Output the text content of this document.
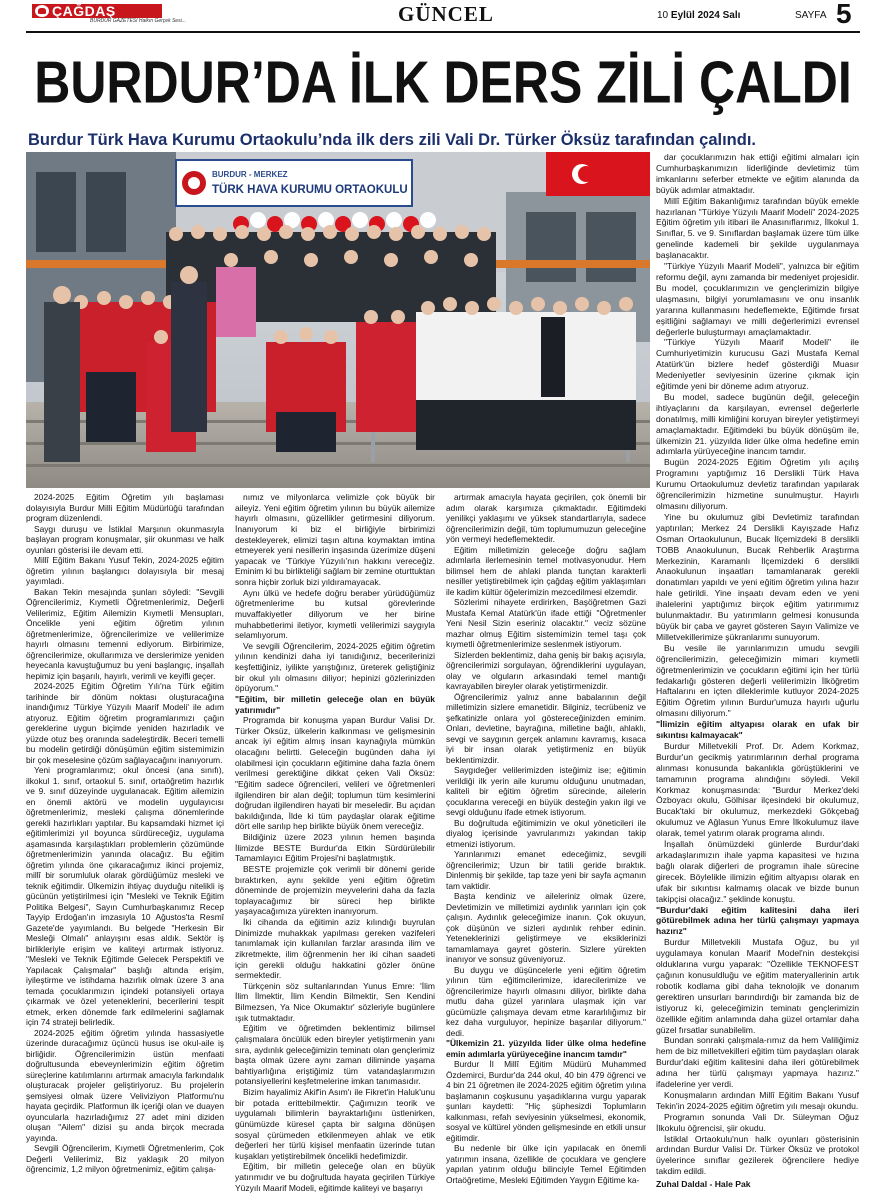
ÇAĞDAŞ
BURDUR GAZETESİ Halkın Gerçek Sesi...	GÜNCEL	10 Eylül 2024 Salı	SAYFA 5
BURDUR’DA İLK DERS ZİLİ ÇALDI
Burdur Türk Hava Kurumu Ortaokulu’nda ilk ders zili Vali Dr. Türker Öksüz tarafından çalındı.
BURDUR - MERKEZ
TÜRK HAVA KURUMU ORTAOKULU

2024-2025 Eğitim Öğretim yılı başlaması dolayısıyla Burdur Milli Eğitim Müdürlüğü tarafından program düzenlendi.

Saygı duruşu ve İstiklal Marşının okunmasıyla başlayan program konuşmalar, şiir okunması ve halk oyunları gösterisi ile devam etti.

Millî Eğitim Bakanı Yusuf Tekin, 2024-2025 eğitim öğretim yılının başlangıcı dolayısıyla bir mesaj yayımladı.

Bakan Tekin mesajında şunları söyledi: "Sevgili Öğrencilerimiz, Kıymetli Öğretmenlerimiz, Değerli Velilerimiz, Eğitim Ailemizin Kıymetli Mensupları, Öncelikle yeni eğitim öğretim yılının öğretmenlerimize, öğrencilerimize ve velilerimize hayırlı olmasını temenni ediyorum. Birbirimize, öğrencilerimize, okullarımıza ve derslerimize yeniden heyecanla kavuştuğumuz bu yeni başlangıç, inşallah hepimiz için başarılı, hayırlı, verimli ve keyifli geçer.

2024-2025 Eğitim Öğretim Yılı'na Türk eğitim tarihinde bir dönüm noktası oluşturacağına inandığımız 'Türkiye Yüzyılı Maarif Modeli' ile adım atıyoruz. Eğitim öğretim programlarımızı çağın gereklerine uygun biçimde yeniden hazırladık ve yüzde otuz beş oranında sadeleştirdik. Beceri temelli bu modelin getirdiği dönüşümün eğitim sistemimizin bir çok meselesine çözüm sağlayacağını inanıyorum.

Yeni programlarımız; okul öncesi (ana sınıfı), ilkokul 1. sınıf, ortaokul 5. sınıf, ortaöğretim hazırlık ve 9. sınıf düzeyinde uygulanacak. Eğitim ailemizin en önemli aktörü ve modelin uygulayıcısı öğretmenlerimiz, mesleki çalışma dönemlerinde gerekli hazırlıkları yaptılar. Bu kapsamdaki hizmet içi eğitimlerimizi yıl boyunca sürdüreceğiz, uygulama aşamasında karşılaştıkları problemlerin çözümünde öğretmenlerimizin yanında olacağız. Bu eğitim öğretim yılında öne çıkaracağımız ikinci projemiz, millî bir sorumluluk olarak gördüğümüz mesleki ve teknik eğitimdir. Ülkemizin ihtiyaç duyduğu nitelikli iş gücünün yetiştirilmesi için "Mesleki ve Teknik Eğitim Politika Belgesi", Sayın Cumhurbaşkanımız Recep Tayyip Erdoğan'ın imzasıyla 10 Ağustos'ta Resmî Gazete'de yayımlandı. Bu belgede "Herkesin Bir Mesleği Olmalı" anlayışını esas aldık. Sektör iş birlikleriyle erişim ve kaliteyi artırmak istiyoruz. "Mesleki ve Teknik Eğitimde Gelecek Perspektifi ve Yapılacak Çalışmalar" başlığı altında erişim, iyileştirme ve istihdama hazırlık olmak üzere 3 ana temada çocuklarımızın içindeki potansiyeli ortaya çıkarmak ve özel yeteneklerini, becerilerini tespit etmek, erken dönemde fark edilmelerini sağlamak için 74 strateji belirledik.

2024-2025 eğitim öğretim yılında hassasiyetle üzerinde duracağımız üçüncü husus ise okul-aile iş birliğidir. Öğrencilerimizin üstün menfaati doğrultusunda ebeveynlerimizin eğitim öğretim süreçlerine katılımlarını artırmak amacıyla farkındalık oluşturacak projeler geliştiriyoruz. Bu projelerin şemsiyesi olmak üzere Veliviziyon Platformu'nu hayata geçirdik. Platformun ilk içeriği olan ve duayen oyuncularla hazırladığımız 27 adet mini diziden oluşan "Ailem" dizisi şu anda birçok mecrada yayında.

Sevgili Öğrencilerim, Kıymetli Öğretmenlerim, Çok Değerli Velilerimiz, Biz yaklaşık 20 milyon öğrencimiz, 1,2 milyon öğretmenimiz, eğitim çalışa-

nımız ve milyonlarca velimizle çok büyük bir aileyiz. Yeni eğitim öğretim yılının bu büyük ailemize hayırlı olmasını, güzellikler getirmesini diliyorum. İnanıyorum ki biz el birliğiyle birbirimizi destekleyerek, elimizi taşın altına koymaktan imtina etmeyerek yeni nesillerin inşasında üzerimize düşeni yapacak ve ‘Türkiye Yüzyılı’nın hakkını vereceğiz. Eminim ki bu birlikteliği sağlam bir zemine oturttuktan sonra hiçbir zorluk bizi yıldıramayacak.

Aynı ülkü ve hedefe doğru beraber yürüdüğümüz öğretmenlerime bu kutsal görevlerinde muvaffakiyetler diliyorum ve her birine muhabbetlerimi iletiyor, kıymetli velilerimizi saygıyla selamlıyorum.

Ve sevgili Öğrencilerim, 2024-2025 eğitim öğretim yılının kendinizi daha iyi tanıdığınız, becerilerinizi keşfettiğiniz, iyilikte yarıştığınız, üreterek geliştiğiniz bir okul yılı olmasını diliyor; hepinizi gözlerinizden öpüyorum."

"Eğitim, bir milletin geleceğe olan en büyük yatırımıdır"

Programda bir konuşma yapan Burdur Valisi Dr. Türker Öksüz, ülkelerin kalkınması ve gelişmesinin ancak iyi eğitim almış insan kaynağıyla mümkün olacağını belirtti. Geleceğin bugünden daha iyi olabilmesi için çocukların eğitimine daha fazla önem verilmesi gerektiğine dikkat çeken Vali Öksüz: "Eğitim sadece öğrencileri, velileri ve öğretmenleri ilgilendiren bir alan değil; toplumun tüm kesimlerini doğrudan ilgilendiren hayati bir meseledir. Bu açıdan bakıldığında, İlde ki tüm paydaşlar olarak eğitime dört elle sarılıp hep birlikte büyük önem vereceğiz.

Bildiğiniz üzere 2023 yılının hemen başında İlimizde BESTE Burdur'da Etkin Sürdürülebilir Tamamlayıcı Eğitim Projesi'ni başlatmıştık.

BESTE projemizle çok verimli bir dönemi geride bıraktırken, aynı şekilde yeni eğitim öğretim döneminde de projemizin meyvelerini daha da fazla toplayacağımız bir süreci hep birlikte yaşayacağımıza yürekten inanıyorum.

İki cihanda da eğitimin aziz kılındığı buyrulan Dinimizde muhakkak yapılması gereken vazifeleri tanımlamak için kullanılan farzlar arasında ilim ve zikretmekte, ilim öğrenmenin her iki cihan saadeti için gerekli olduğu hakkatini gözler önüne sermektedir.

Türkçenin söz sultanlarından Yunus Emre: 'İlim İlim İlmektir, İlim Kendin Bilmektir, Sen Kendini Bilmezsen, Ya Nice Okumaktır' sözleriyle bugünlere ışık tutmaktadır.

Eğitim ve öğretimden beklentimiz bilimsel çalışmalara öncülük eden bireyler yetiştirmenin yanı sıra, aydınlık geleceğimizin teminatı olan gençlerimiz başta olmak üzere aynı zaman diliminde yaşama bahtiyarlığına eriştiğimiz tüm vatandaşlarımızın potansiyellerini keşfetmelerine imkan tanımasıdır.

Bizim hayalimiz Akif'in Asım'ı ile Fikret'in Haluk'unu bir potada erittebilmektir. Çağımızın teorik ve uygulamalı bilimlerin bayraktarlığını üstlenirken, günümüzde küresel çapta bir salgına dönüşen sosyal çürümeden etkilenmeyen ahlak ve etik değerleri her türlü kişisel menfaatin üzerinde tutan kuşakları yetiştirebilmek öncelikli hedefimizdir.

Eğitim, bir milletin geleceğe olan en büyük yatırımıdır ve bu doğrultuda hayata geçirilen Türkiye Yüzyılı Maarif Modeli, eğitimde kaliteyi ve başarıyı

artırmak amacıyla hayata geçirilen, çok önemli bir adım olarak karşımıza çıkmaktadır. Eğitimdeki yenilikçi yaklaşımı ve yüksek standartlarıyla, sadece öğrencilerimizin değil, tüm toplumumuzun geleceğine yön vermeyi hedeflemektedir.

Eğitim milletimizin geleceğe doğru sağlam adımlarla ilerlemesinin temel motivasyonudur. Hem bilimsel hem de ahlaki planda tunçtan karakterli nesiller yetiştirebilmek için çağdaş eğitim yaklaşımları ile kadim kültür öğelerimizin mezcedilmesi elzemdir.

Sözlerimi nihayete erdirirken, Başöğretmen Gazi Mustafa Kemal Atatürk'ün ifade ettiği "Öğretmenler Yeni Nesil Sizin eseriniz olacaktır." veciz sözüne mazhar olmuş Eğitim sistemimizin temel taşı çok kıymetli öğretmenlerimize seslenmek istiyorum.

Sizlerden beklentimiz, daha geniş bir bakış açısıyla, öğrencilerimizi sorgulayan, öğrendiklerini uygulayan, olay ve olguların arkasındaki temel mantığı kavrayabilen bireyler olarak yetiştirmenizdir.

Öğrencilerimiz yalnız anne babalarının değil milletimizin sizlere emanetidir. Bilginiz, tecrübeniz ve şefkatinizle onlara yol göstereceğinizden eminim. Onları, devletine, bayrağına, milletine bağlı, ahlaklı, sevgi ve saygının gerçek anlamını kavramış, kısaca iyi bir insan olarak yetiştirmeniz en büyük beklentimizdir.

Saygıdeğer velilerimizden isteğimiz ise; eğitimin verildiği ilk yerin aile kurumu olduğunu unutmadan, kaliteli bir eğitim öğretim sürecinde, ailelerin çocuklarına vereceği en büyük desteğin yakın ilgi ve sevgi olduğunu ifade etmek istiyorum.

Bu doğrultuda eğitimimizin ve okul yöneticileri ile diyalog içerisinde yavrularımızı yakından takip etmenizi istiyorum.

Yarınlarımızı emanet edeceğimiz, sevgili öğrencilerimiz; Uzun bir tatili geride bıraktık. Dinlenmiş bir şekilde, tap taze yeni bir sayfa açmanın tam vaktidir.

Başta kendiniz ve aileleriniz olmak üzere, Devletimizin ve milletimizi aydınlık yarınları için çok çalışın. Aydınlık geleceğimize inanın. Çok okuyun, çok düşünün ve sizleri aydınlık rehber edinin. Yeteneklerinizi geliştirmeye ve eksiklerinizi tamamlamaya gayret gösterin. Sizlere yürekten inanıyor ve sonsuz güveniyoruz.

Bu duygu ve düşüncelerle yeni eğitim öğretim yılının tüm eğitimcilerimize, idarecilerimize ve öğrencilerimize hayırlı olmasını diliyor, birlikte daha mutlu daha güzel yarınlara ulaşmak için var gücümüzle çalışmaya devam etme kararlılığımız bir kez daha vurguluyor, hepinize başarılar diliyorum." dedi.

"Ülkemizin 21. yüzyılda lider ülke olma hedefine emin adımlarla yürüyeceğine inancım tamdır"

Burdur İl Millî Eğitim Müdürü Muhammed Özdemirci, Burdur'da 244 okul, 40 bin 479 öğrenci ve 4 bin 21 öğretmen ile 2024-2025 eğitim öğretim yılına başlamanın coşkusunu yaşadıklarına vurgu yaparak şunları kaydetti: "Hiç şüphesizdi Toplumların kalkınması, refah seviyesinin yükselmesi, ekonomik, sosyal ve kültürel yönden gelişmesinde en etkili unsur eğitimdir.

Bu nedenle bir ülke için yapılacak en önemli yatırımın insana, özellikle de çocuklara ve gençlere yapılan yatırım olduğu bilinciyle Temel Eğitimden Ortaöğretime, Mesleki Eğitimden Yaygın Eğitime ka-

dar çocuklarımızın hak ettiği eğitimi almaları için Cumhurbaşkanımızın liderliğinde devletimiz tüm imkanlarını seferber etmekte ve eğitim alanında da büyük adımlar atmaktadır.

Millî Eğitim Bakanlığımız tarafından büyük emekle hazırlanan "Türkiye Yüzyılı Maarif Modeli" 2024-2025 Eğitim öğretim yılı itibari ile Anasınıflarımız, İlkokul 1. Sınıflar, 5. ve 9. Sınıflardan başlamak üzere tüm ülke genelinde kademeli bir şekilde uygulanmaya başlanacaktır.

"Türkiye Yüzyılı Maarif Modeli", yalnızca bir eğitim reformu değil, aynı zamanda bir medeniyet projesidir. Bu model, çocuklarımızın ve gençlerimizin bilgiye ulaşmasını, bilgiyi yorumlamasını ve onu insanlık yararına kullanmasını hedeflemekte, Eğitimde fırsat eşitliğini sağlamayı ve milli değerlerimizi evrensel değerlerle buluşturmayı amaçlamaktadır.

"Türkiye Yüzyılı Maarif Modeli" ile Cumhuriyetimizin kurucusu Gazi Mustafa Kemal Atatürk'ün bizlere hedef gösterdiği Muasır Medeniyetler seviyesinin üzerine çıkmak için eğitimde yeni bir döneme adım atıyoruz.

Bu model, sadece bugünün değil, geleceğin ihtiyaçlarını da karşılayan, evrensel değerlerle donatılmış, milli kimliğini koruyan bireyler yetiştirmeyi amaçlamaktadır. Eğitimdeki bu büyük dönüşüm ile, ülkemizin 21. yüzyılda lider ülke olma hedefine emin adımlarla yürüyeceğine inancım tamdır.

Bugün 2024-2025 Eğitim Öğretim yılı açılış Programını yaptığımız 16 Derslikli Türk Hava Kurumu Ortaokulumuz devletiz tarafından yapılarak öğrencilerimizin hizmetine sunulmuştur. Hayırlı olmasını diliyorum.

Yine bu okulumuz gibi Devletimiz tarafından yaptırılan; Merkez 24 Derslikli Kayışzade Hafız Osman Ortaokulunun, Bucak İlçemizdeki 8 derslikli TOBB Anaokulunun, Bucak Rehberlik Araştırma Merkezinin, Karamanlı İlçemizdeki 6 derslikli Anaokulunun inşaatları tamamlanarak gerekli donatımları yapıldı ve yeni eğitim öğretim yılına hazır hale getirildi. Yine inşaatı devam eden ve yeni ihalelerini yaptığımız birçok eğitim yatırımımız bulunmaktadır. Bu yatırımların gelmesi konusunda büyük bir çaba ve gayret gösteren Sayın Valimize ve Milletvekillerimize şükranlarımı sunuyorum.

Bu vesile ile yarınlarımızın umudu sevgili öğrencilerimizin, geleceğimizin mimarı kıymetli öğretmenlerimizin ve çocukların eğitimi için her türlü fedakarlığı gösteren değerli velilerimizin İlköğretim Haftalarını en içten dileklerimle kutluyor 2024-2025 Eğitim Öğretim yılının Burdur'umuza hayırlı uğurlu olmasını diliyorum."

"İlimizin eğitim altyapısı olarak en ufak bir sıkıntısı kalmayacak"

Burdur Milletvekili Prof. Dr. Adem Korkmaz, Burdur'un gecikmiş yatırımlarının derhal programa alınması konusunda bakanlıkla görüştüklerini ve tamamının programa alındığını söyledi. Vekil Korkmaz konuşmasında: "Burdur Merkez'deki Özboyacı okulu, Gölhisar ilçesindeki bir okulumuz, Bucak'taki bir okulumuz, merkezdeki Gökçebağ okulumuz ve Ağlasun Yunus Emre İlkokulumuz ilave olarak, temel yatırım olarak programa alındı.

İnşallah önümüzdeki günlerde Burdur'daki arkadaşlarımızın ihale yapma kapasitesi ve hızına bağlı olarak diğerleri de programın ihale sürecine girecek. Böylelikle ilimizin eğitim altyapısı olarak en ufak bir sıkıntısı kalmamış olacak ve bizde bunun takipçisi olacağız." şeklinde konuştu.

"Burdur'daki eğitim kalitesini daha ileri götürebilmek adına her türlü çalışmayı yapmaya hazırız"

Burdur Milletvekili Mustafa Oğuz, bu yıl uygulamaya konulan Maarif Model'nin destekçisi olduklarına vurgu yaparak: "Özellikle TEKNOFEST çağının konusuldluğu ve eğitim materyallerinin artık robotik kodlama gibi daha teknolojik ve donanım gerektiren unsurları barındırdığı bir zamanda biz de istiyoruz ki, geleceğimizin teminatı gençlerimizin özellikle eğitim anlamında daha güzel ortamlar daha güzel fırsatlar sunabilelim.

Bundan sonraki çalışmala-rımız da hem Valiliğimiz hem de biz milletvekilleri eğitim tüm paydaşları olarak Burdur'daki eğitim kalitesini daha ileri götürebilmek adına her türlü çalışmayı yapmaya hazırız." ifadelerine yer verdi.

Konuşmaların ardından Millî Eğitim Bakanı Yusuf Tekin'in 2024-2025 eğitim öğretim yılı mesajı okundu.

Programın sonunda Vali Dr. Süleyman Oğuz İlkokulu öğrencisi, şiir okudu.

İstiklal Ortaokulu'nun halk oyunları gösterisinin ardından Burdur Valisi Dr. Türker Öksüz ve protokol üyelerince sınıflar gezilerek öğrencilere hediye takdim edildi.

Zuhal Daldal - Hale Pak
